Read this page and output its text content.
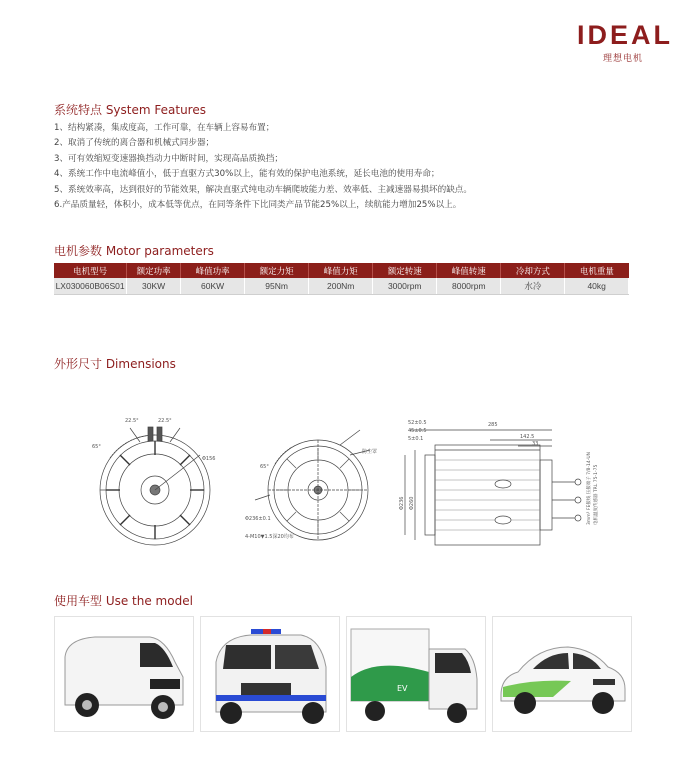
IDEAL
理想电机
系统特点 System Features
1、结构紧凑，集成度高，工作可靠，在车辆上容易布置；
2、取消了传统的离合器和机械式同步器；
3、可有效缩短变速器换挡动力中断时间，实现高品质换挡；
4、系统工作中电流峰值小，低于直驱方式30%以上，能有效的保护电池系统，延长电池的使用寿命；
5、系统效率高，达到很好的节能效果，解决直驱式纯电动车辆爬坡能力差、效率低、主减速器易损坏的缺点。
6.产品质量轻，体积小，成本低等优点，在同等条件下比同类产品节能25%以上，续航能力增加25%以上。
电机参数 Motor parameters
电机型号	额定功率	峰值功率	额定力矩	峰值力矩	额定转速	峰值转速	冷却方式	电机重量
LX030060B06S01	30KW	60KW	95Nm	200Nm	3000rpm	8000rpm	水冷	40kg
外形尺寸 Dimensions
22.5°	22.5°
65°
Φ156
65°
Φ236±0.1
4-M10▼1.5深20均布
防尘罩
285
142.5
33
52±0.5
45±0.5
5±0.1
Φ260
Φ236	3mm² FE接线 压接端子 7/8-14-UN 电机温度传感器 TRL 75-1-75
使用车型 Use the model
EV
